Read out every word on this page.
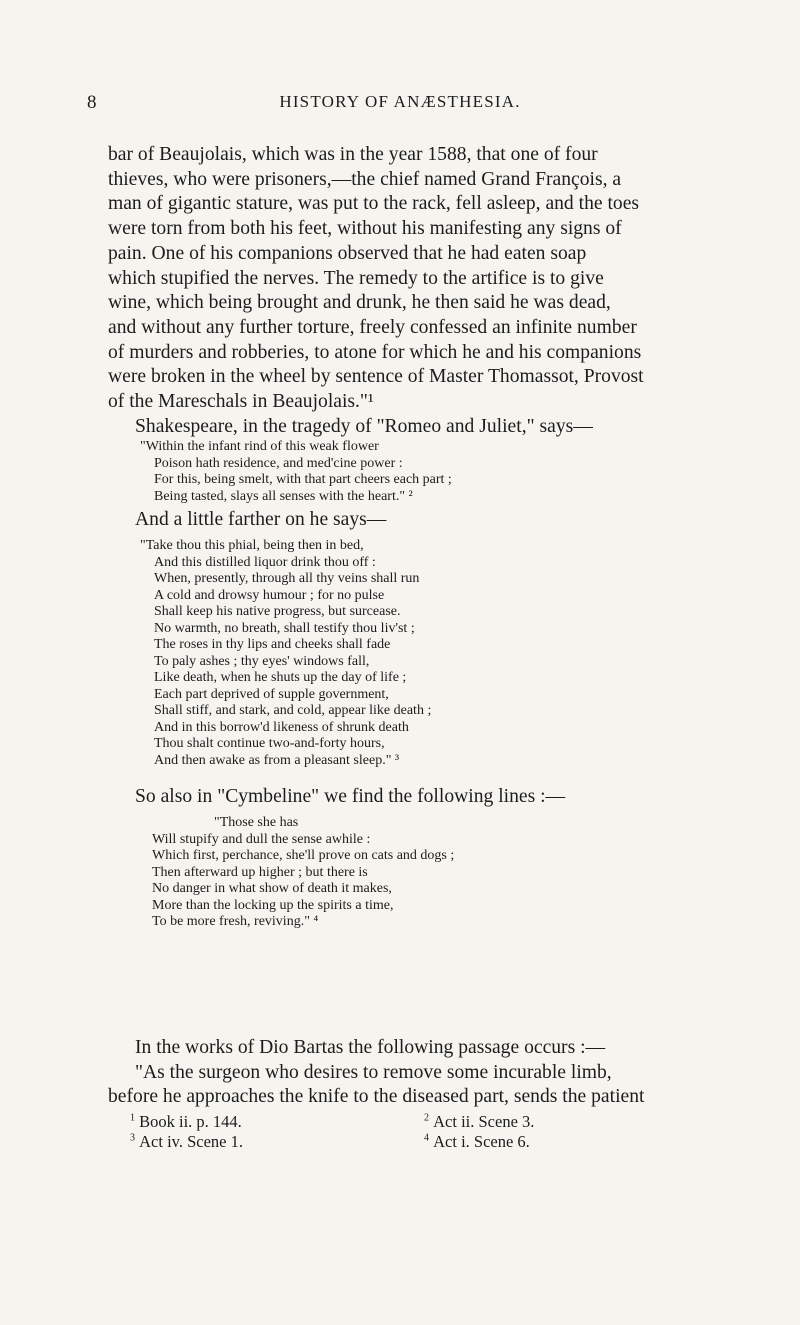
8	HISTORY OF ANÆSTHESIA.
bar of Beaujolais, which was in the year 1588, that one of four
thieves, who were prisoners,—the chief named Grand François, a
man of gigantic stature, was put to the rack, fell asleep, and the toes
were torn from both his feet, without his manifesting any signs of
pain. One of his companions observed that he had eaten soap
which stupified the nerves. The remedy to the artifice is to give
wine, which being brought and drunk, he then said he was dead,
and without any further torture, freely confessed an infinite number
of murders and robberies, to atone for which he and his companions
were broken in the wheel by sentence of Master Thomassot, Provost
of the Mareschals in Beaujolais."¹
Shakespeare, in the tragedy of "Romeo and Juliet," says—
"Within the infant rind of this weak flower
Poison hath residence, and med'cine power :
For this, being smelt, with that part cheers each part ;
Being tasted, slays all senses with the heart." ²
And a little farther on he says—
"Take thou this phial, being then in bed,
And this distilled liquor drink thou off :
When, presently, through all thy veins shall run
A cold and drowsy humour ; for no pulse
Shall keep his native progress, but surcease.
No warmth, no breath, shall testify thou liv'st ;
The roses in thy lips and cheeks shall fade
To paly ashes ; thy eyes' windows fall,
Like death, when he shuts up the day of life ;
Each part deprived of supple government,
Shall stiff, and stark, and cold, appear like death ;
And in this borrow'd likeness of shrunk death
Thou shalt continue two-and-forty hours,
And then awake as from a pleasant sleep." ³
So also in "Cymbeline" we find the following lines :—
"Those she has
Will stupify and dull the sense awhile :
Which first, perchance, she'll prove on cats and dogs ;
Then afterward up higher ; but there is
No danger in what show of death it makes,
More than the locking up the spirits a time,
To be more fresh, reviving." ⁴
In the works of Dio Bartas the following passage occurs :—
"As the surgeon who desires to remove some incurable limb,
before he approaches the knife to the diseased part, sends the patient
$^1$ Book ii. p. 144.	$^2$ Act ii. Scene 3.
$^3$ Act iv. Scene 1.	$^4$ Act i. Scene 6.
